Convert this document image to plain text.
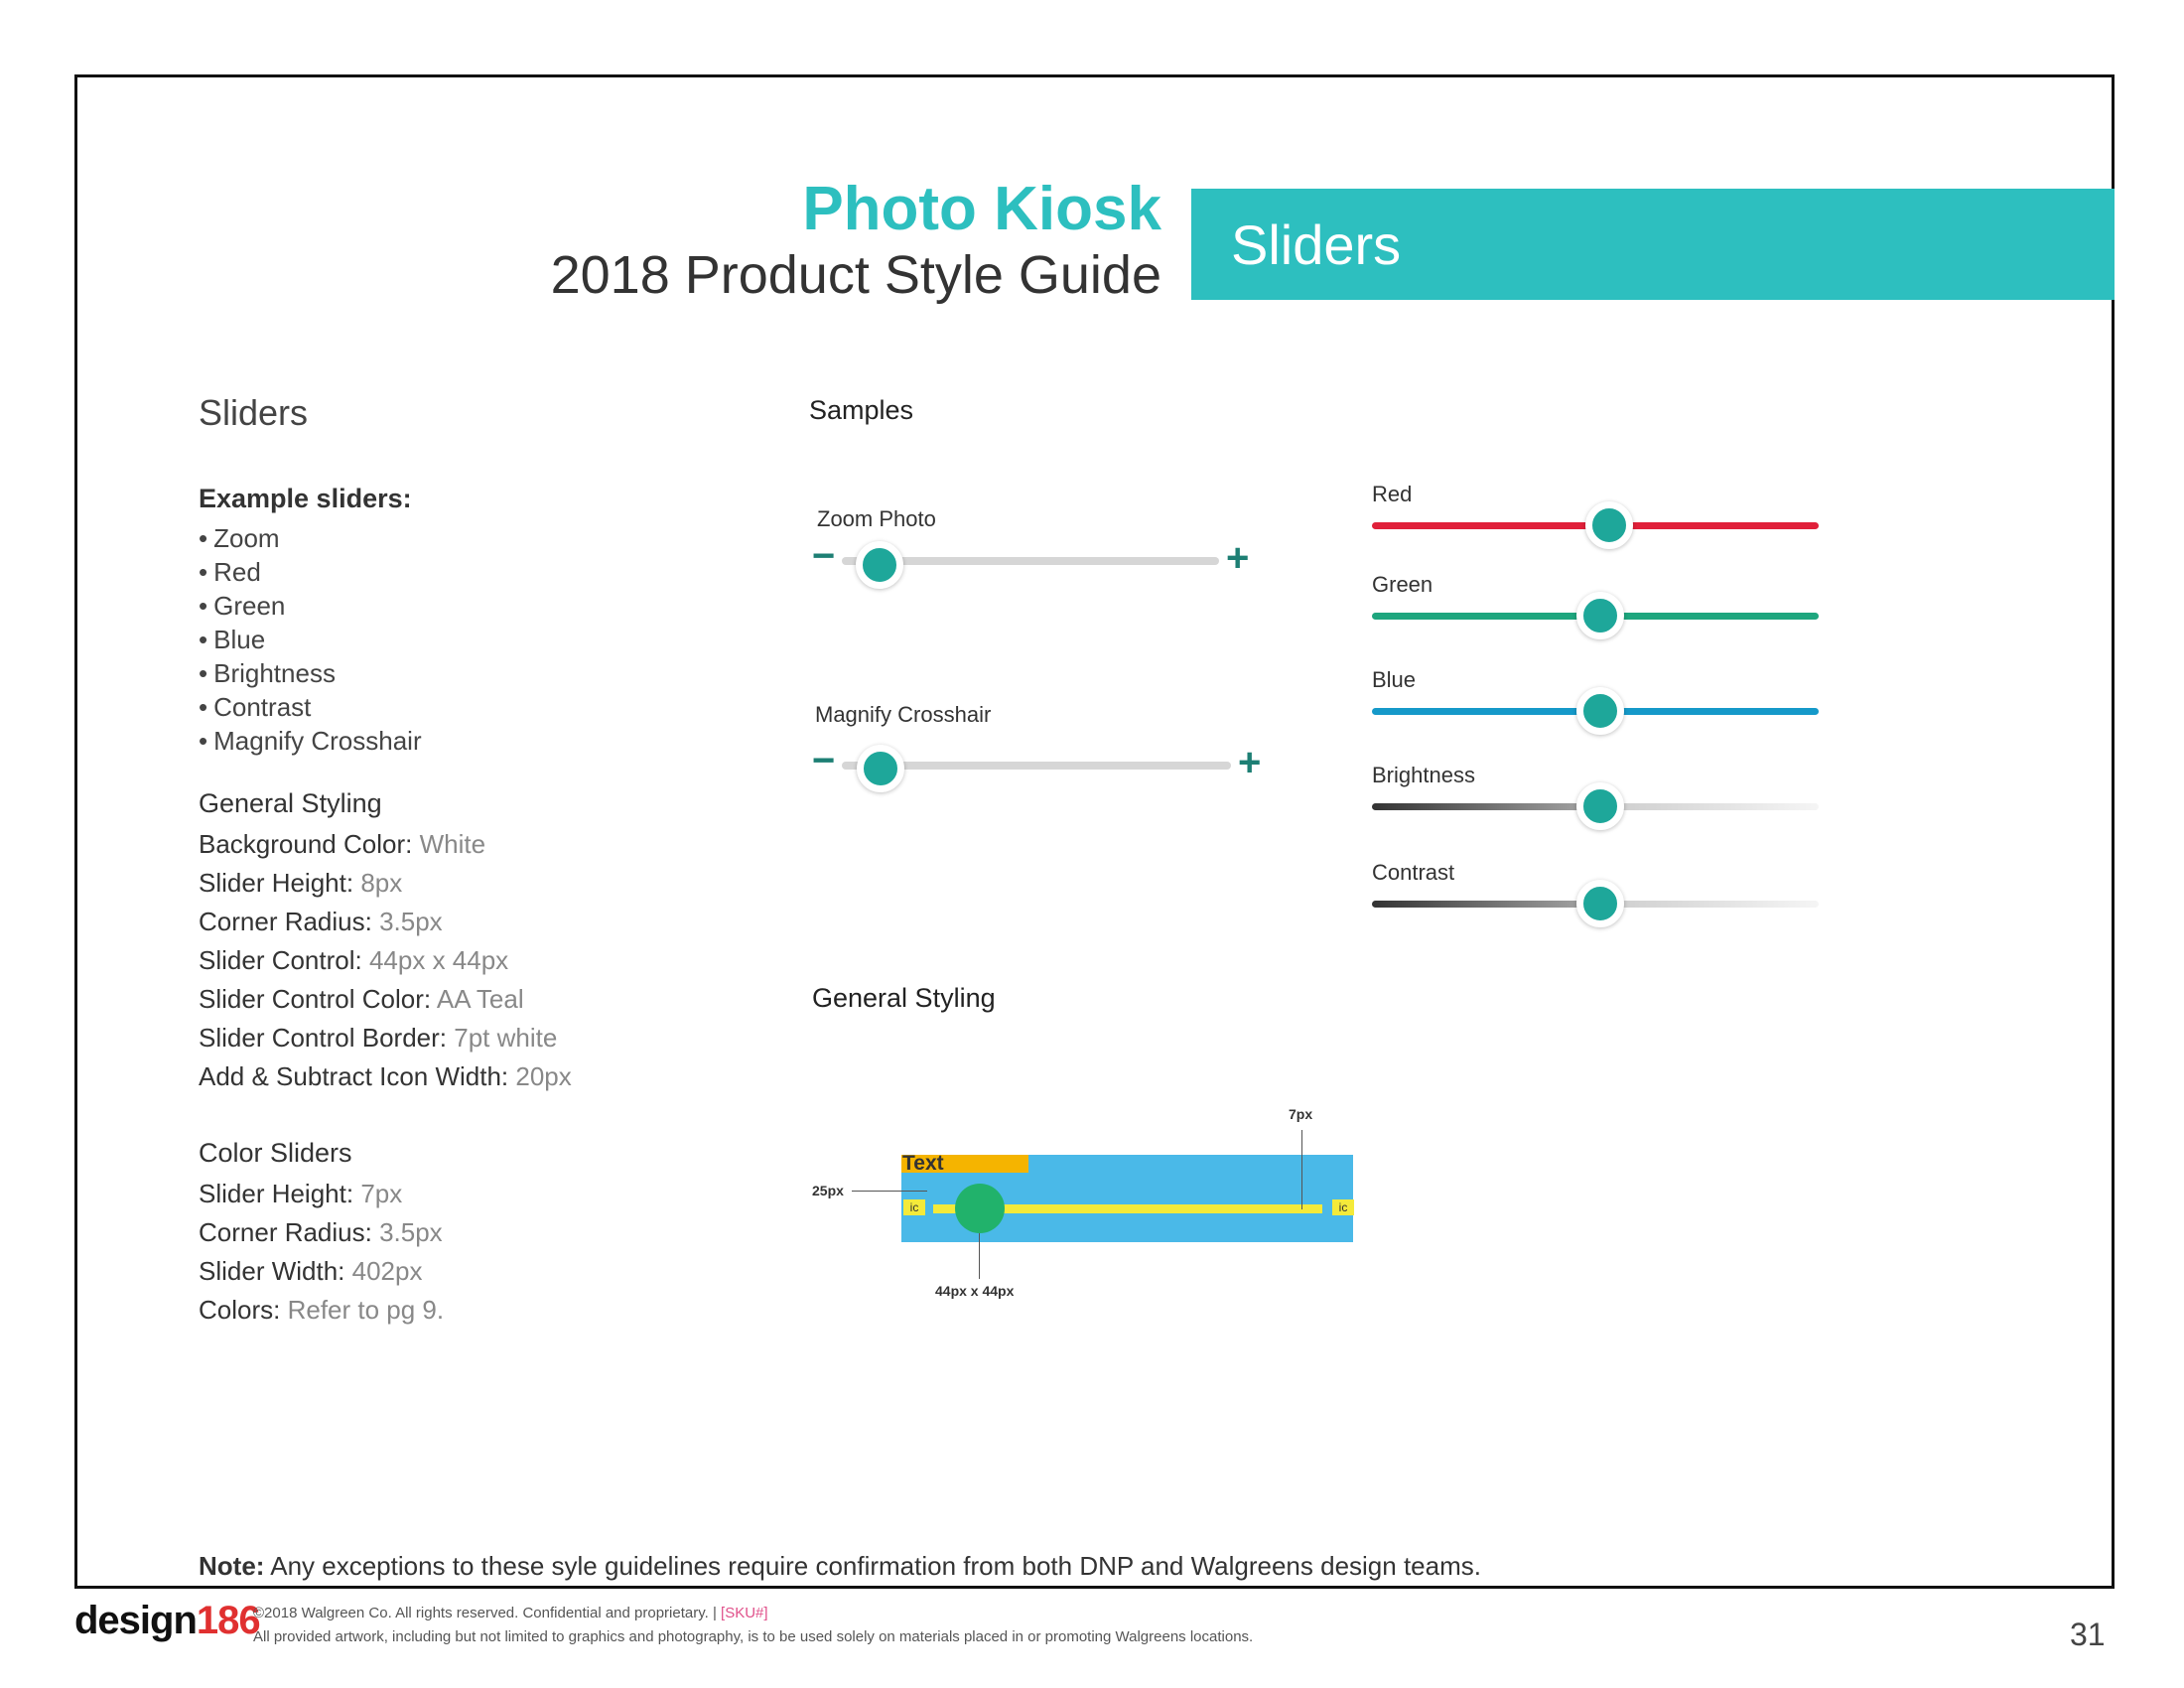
Photo Kiosk
2018 Product Style Guide Sliders
Sliders
Example sliders:
• Zoom
• Red
• Green
• Blue
• Brightness
• Contrast
• Magnify Crosshair
General Styling
Background Color: White
Slider Height: 8px
Corner Radius: 3.5px
Slider Control: 44px x 44px
Slider Control Color: AA Teal
Slider Control Border: 7pt white
Add & Subtract Icon Width: 20px
Color Sliders
Slider Height: 7px
Corner Radius: 3.5px
Slider Width: 402px
Colors: Refer to pg 9.
Samples
Zoom Photo
−	+
Magnify Crosshair
−	+
Red
Green
Blue
Brightness
Contrast
General Styling
Text
ic	ic
7px
25px
44px x 44px
Note: Any exceptions to these syle guidelines require confirmation from both DNP and Walgreens design teams.
design186
©2018 Walgreen Co. All rights reserved. Confidential and proprietary. | [SKU#]
All provided artwork, including but not limited to graphics and photography, is to be used solely on materials placed in or promoting Walgreens locations.	31
